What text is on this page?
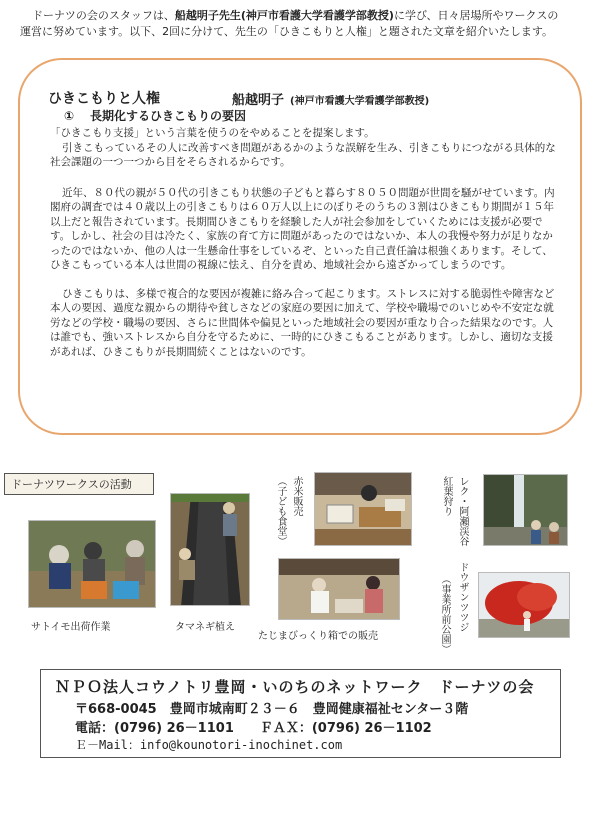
ドーナツの会のスタッフは、船越明子先生(神戸市看護大学看護学部教授)に学び、日々居場所やワークスの
運営に努めています。以下、2回に分けて、先生の「ひきこもりと人権」と題された文章を紹介いたします。
ひきこもりと人権	船越明子 (神戸市看護大学看護学部教授)
① 長期化するひきこもりの要因

「ひきこもり支援」という言葉を使うのをやめることを提案します。

引きこもっているその人に改善すべき問題があるかのような誤解を生み、引きこもりにつながる具体的な社会課題の一つ一つから目をそらされるからです。

近年、８０代の親が５０代の引きこもり状態の子どもと暮らす８０５０問題が世間を騒がせています。内閣府の調査では４０歳以上の引きこもりは６０万人以上にのぼりそのうちの３割はひきこもり期間が１５年以上だと報告されています。長期間ひきこもりを経験した人が社会参加をしていくためには支援が必要です。しかし、社会の目は冷たく、家族の育て方に問題があったのではないか、本人の我慢や努力が足りなかったのではないか、他の人は一生懸命仕事をしているぞ、といった自己責任論は根強くあります。そして、ひきこもっている本人は世間の視線に怯え、自分を責め、地域社会から遠ざかってしまうのです。

ひきこもりは、多様で複合的な要因が複雑に絡み合って起こります。ストレスに対する脆弱性や障害など本人の要因、過度な親からの期待や貧しさなどの家庭の要因に加えて、学校や職場でのいじめや不安定な就労などの学校・職場の要因、さらに世間体や偏見といった地域社会の要因が重なり合った結果なのです。人は誰でも、強いストレスから自分を守るために、一時的にひきこもることがあります。しかし、適切な支援があれば、ひきこもりが長期間続くことはないのです。

ドーナツワークスの活動
サトイモ出荷作業	タマネギ植え
赤米販売
（子ども食堂）
たじまびっくり箱での販売
レク・阿瀬渓谷
紅葉狩り
ドウザンツツジ
（事業所前公園）
ＮＰＯ法人コウノトリ豊岡・いのちのネットワーク　ドーナツの会
〒668-0045　豊岡市城南町２３－６　豊岡健康福祉センター３階
電話：(0796) 26－1101　　ＦＡＸ：(0796) 26－1102
Ｅ－Mail：info@kounotori-inochinet.com
